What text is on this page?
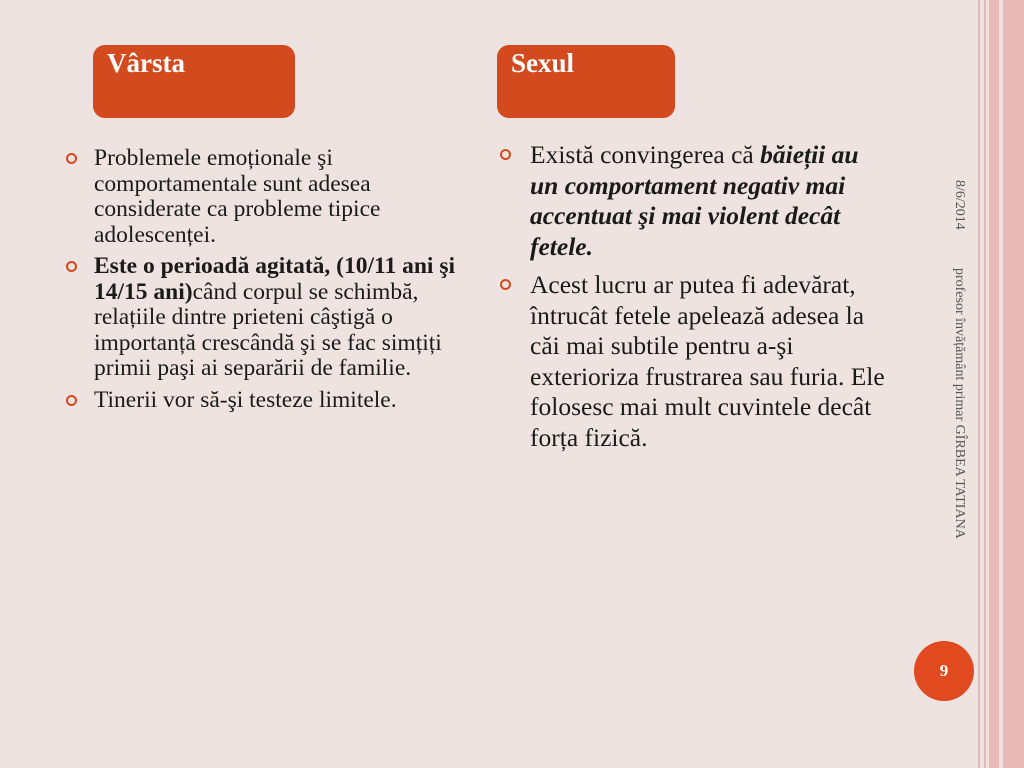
Vârsta	Sexul
Problemele emoționale şi comportamentale sunt adesea considerate ca probleme tipice adolescenței.
Este o perioadă agitată, (10/11 ani şi 14/15 ani)când corpul se schimbă, relațiile dintre prieteni câştigă o importanță crescândă şi se fac simțiți primii paşi ai separării de familie.
Tinerii vor să-şi testeze limitele.
Există convingerea că băieții au un comportament negativ mai accentuat şi mai violent decât fetele.
Acest lucru ar putea fi adevărat, întrucât fetele apelează adesea la căi mai subtile pentru a-şi exterioriza frustrarea sau furia. Ele folosesc mai mult cuvintele decât forța fizică.
8/6/2014
profesor învățământ primar GÎRBEA TATIANA
9
